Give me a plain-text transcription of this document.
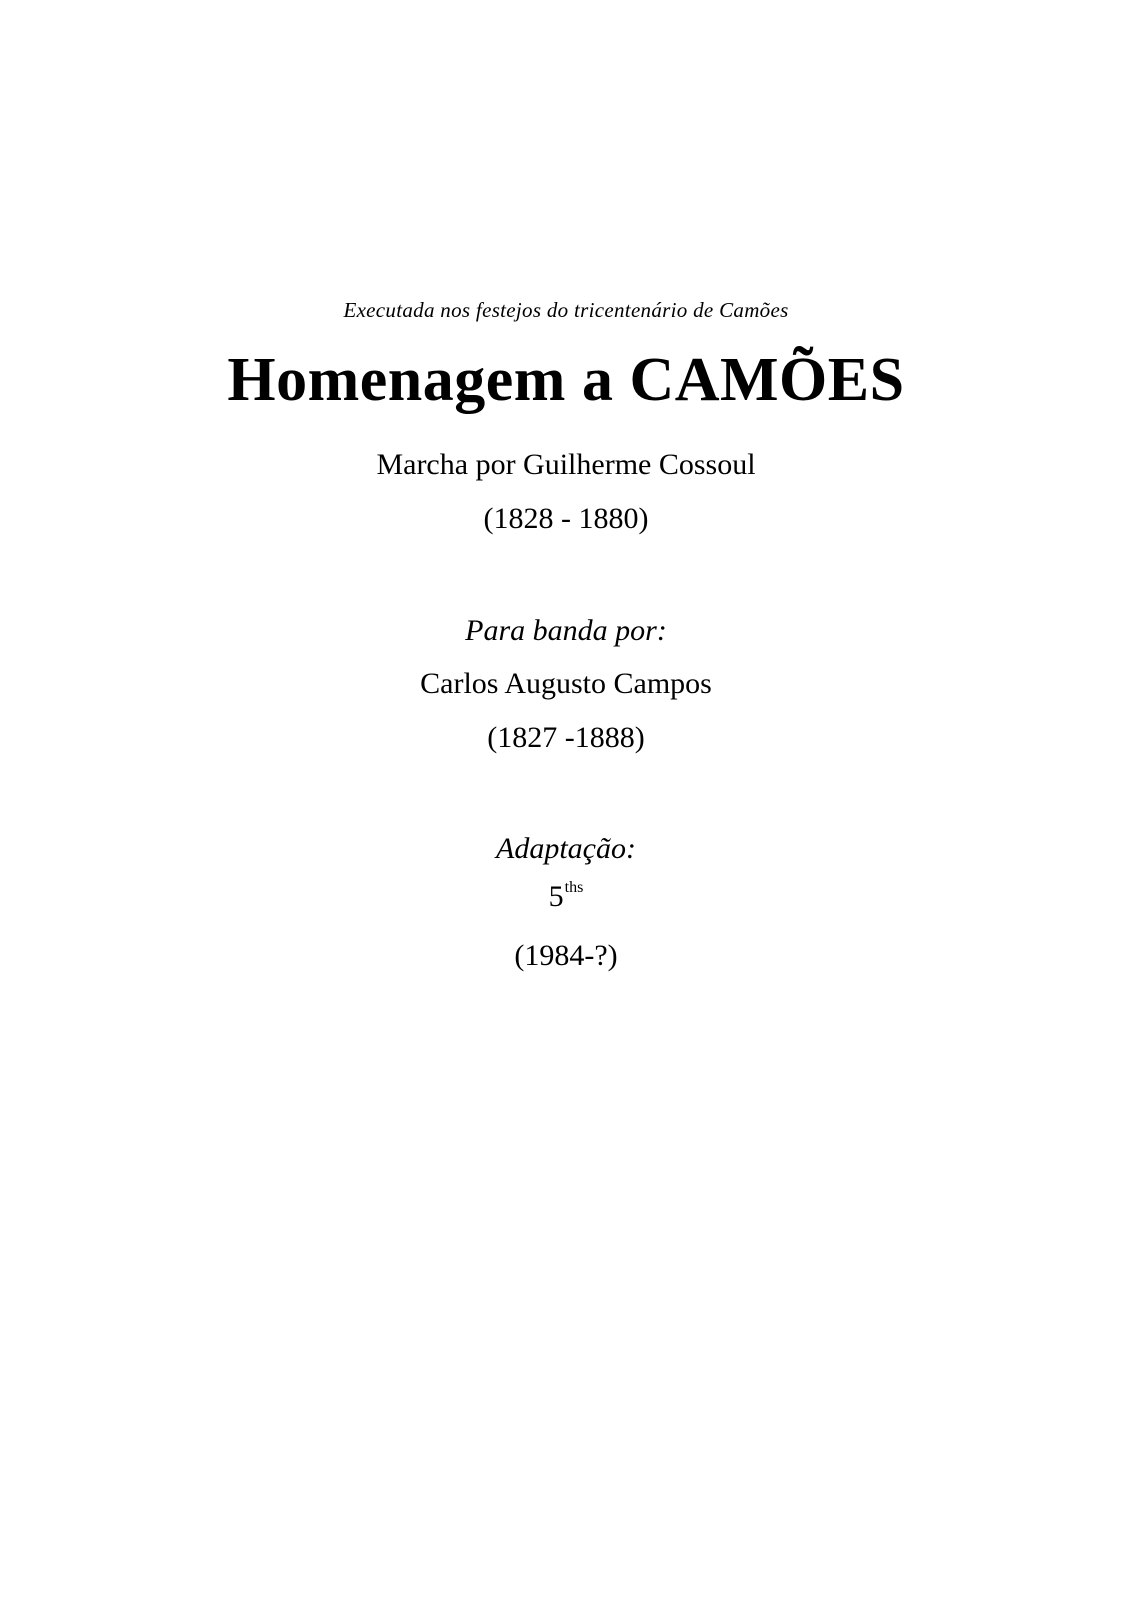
Executada nos festejos do tricentenário de Camões
Homenagem a CAMÕES
Marcha por Guilherme Cossoul
(1828 - 1880)
Para banda por:
Carlos Augusto Campos
(1827 -1888)
Adaptação:
$5^{ths}$
(1984-?)
